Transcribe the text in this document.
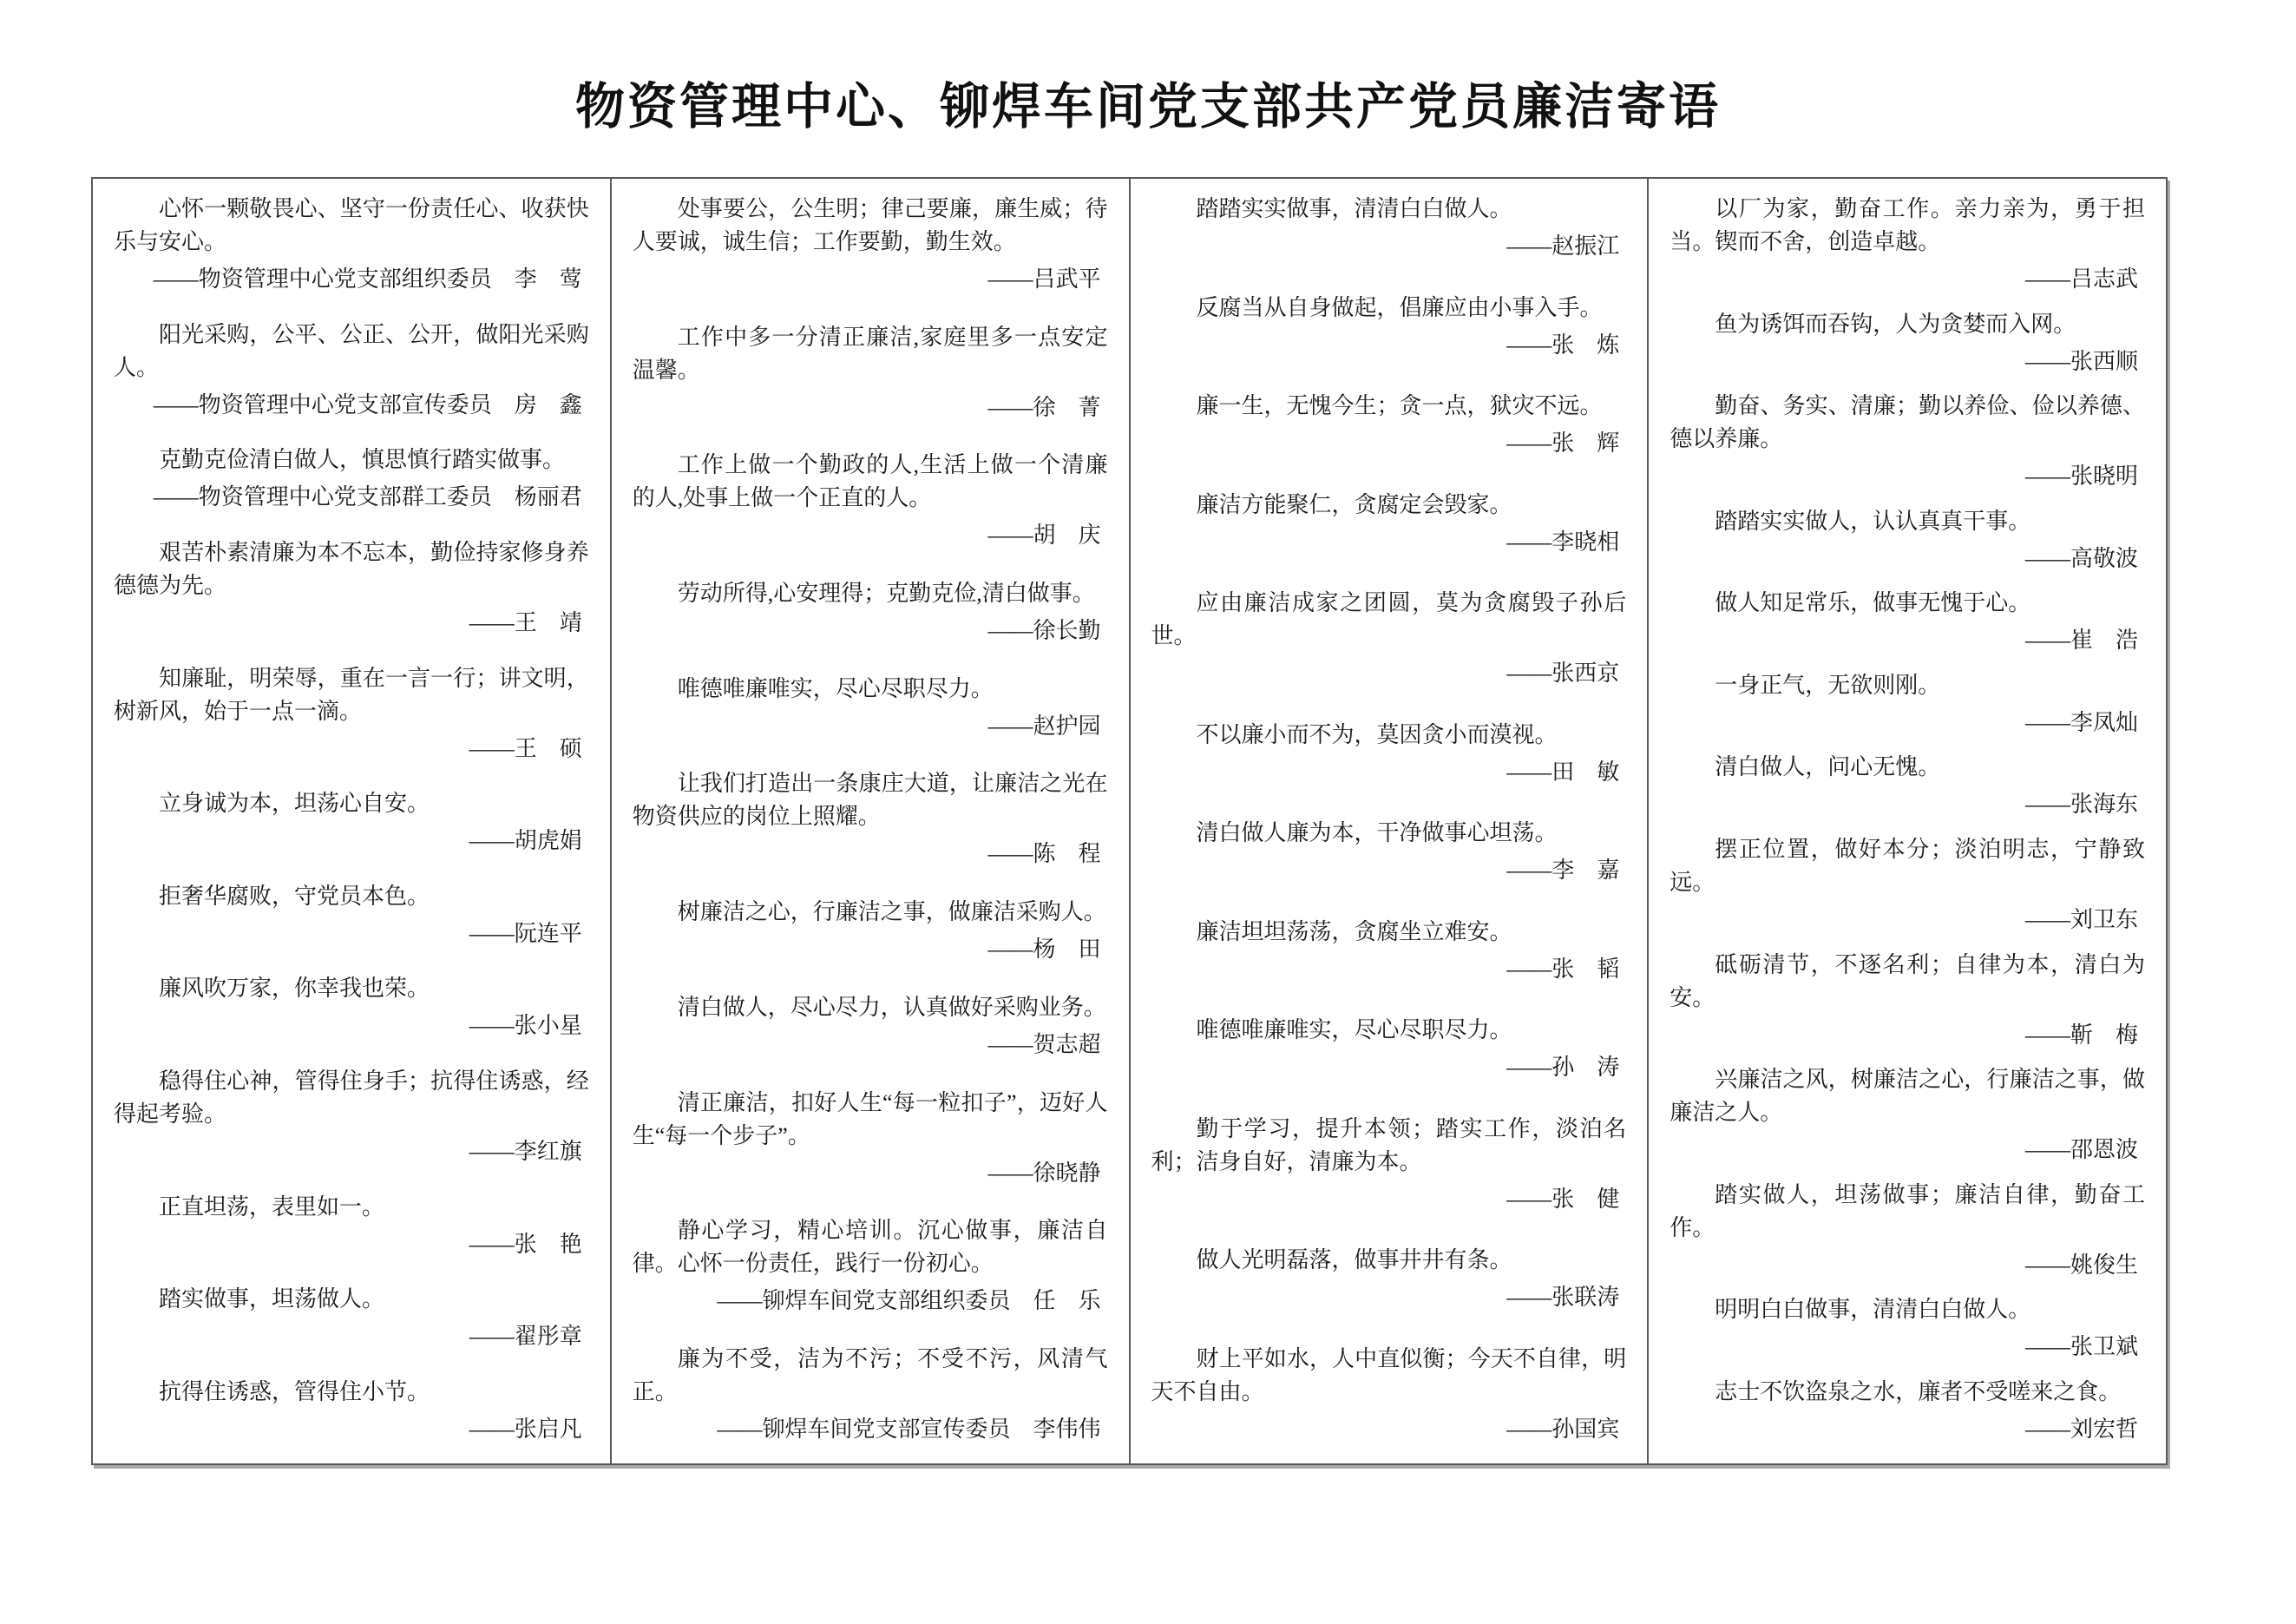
物资管理中心、铆焊车间党支部共产党员廉洁寄语

心怀一颗敬畏心、坚守一份责任心、收获快乐与安心。

——物资管理中心党支部组织委员　李　莺

阳光采购，公平、公正、公开，做阳光采购人。

——物资管理中心党支部宣传委员　房　鑫

克勤克俭清白做人，慎思慎行踏实做事。

——物资管理中心党支部群工委员　杨丽君

艰苦朴素清廉为本不忘本，勤俭持家修身养德德为先。

——王　靖

知廉耻，明荣辱，重在一言一行；讲文明，树新风，始于一点一滴。

——王　硕

立身诚为本，坦荡心自安。

——胡虎娟

拒奢华腐败，守党员本色。

——阮连平

廉风吹万家，你幸我也荣。

——张小星

稳得住心神，管得住身手；抗得住诱惑，经得起考验。

——李红旗

正直坦荡，表里如一。

——张　艳

踏实做事，坦荡做人。

——翟彤章

抗得住诱惑，管得住小节。

——张启凡

处事要公，公生明；律己要廉，廉生威；待人要诚，诚生信；工作要勤，勤生效。

——吕武平

工作中多一分清正廉洁,家庭里多一点安定温馨。

——徐　菁

工作上做一个勤政的人,生活上做一个清廉的人,处事上做一个正直的人。

——胡　庆

劳动所得,心安理得；克勤克俭,清白做事。

——徐长勤

唯德唯廉唯实，尽心尽职尽力。

——赵护园

让我们打造出一条康庄大道，让廉洁之光在物资供应的岗位上照耀。

——陈　程

树廉洁之心，行廉洁之事，做廉洁采购人。

——杨　田

清白做人，尽心尽力，认真做好采购业务。

——贺志超

清正廉洁，扣好人生“每一粒扣子”，迈好人生“每一个步子”。

——徐晓静

静心学习，精心培训。沉心做事，廉洁自律。心怀一份责任，践行一份初心。

——铆焊车间党支部组织委员　任　乐

廉为不受，洁为不污；不受不污，风清气正。

——铆焊车间党支部宣传委员　李伟伟

踏踏实实做事，清清白白做人。

——赵振江

反腐当从自身做起，倡廉应由小事入手。

——张　炼

廉一生，无愧今生；贪一点，狱灾不远。

——张　辉

廉洁方能聚仁，贪腐定会毁家。

——李晓相

应由廉洁成家之团圆，莫为贪腐毁子孙后世。

——张西京

不以廉小而不为，莫因贪小而漠视。

——田　敏

清白做人廉为本，干净做事心坦荡。

——李　嘉

廉洁坦坦荡荡，贪腐坐立难安。

——张　韬

唯德唯廉唯实，尽心尽职尽力。

——孙　涛

勤于学习，提升本领；踏实工作，淡泊名利；洁身自好，清廉为本。

——张　健

做人光明磊落，做事井井有条。

——张联涛

财上平如水，人中直似衡；今天不自律，明天不自由。

——孙国宾

以厂为家，勤奋工作。亲力亲为，勇于担当。锲而不舍，创造卓越。

——吕志武

鱼为诱饵而吞钩，人为贪婪而入网。

——张西顺

勤奋、务实、清廉；勤以养俭、俭以养德、德以养廉。

——张晓明

踏踏实实做人，认认真真干事。

——高敬波

做人知足常乐，做事无愧于心。

——崔　浩

一身正气，无欲则刚。

——李凤灿

清白做人，问心无愧。

——张海东

摆正位置，做好本分；淡泊明志，宁静致远。

——刘卫东

砥砺清节，不逐名利；自律为本，清白为安。

——靳　梅

兴廉洁之风，树廉洁之心，行廉洁之事，做廉洁之人。

——邵恩波

踏实做人，坦荡做事；廉洁自律，勤奋工作。

——姚俊生

明明白白做事，清清白白做人。

——张卫斌

志士不饮盗泉之水，廉者不受嗟来之食。

——刘宏哲
